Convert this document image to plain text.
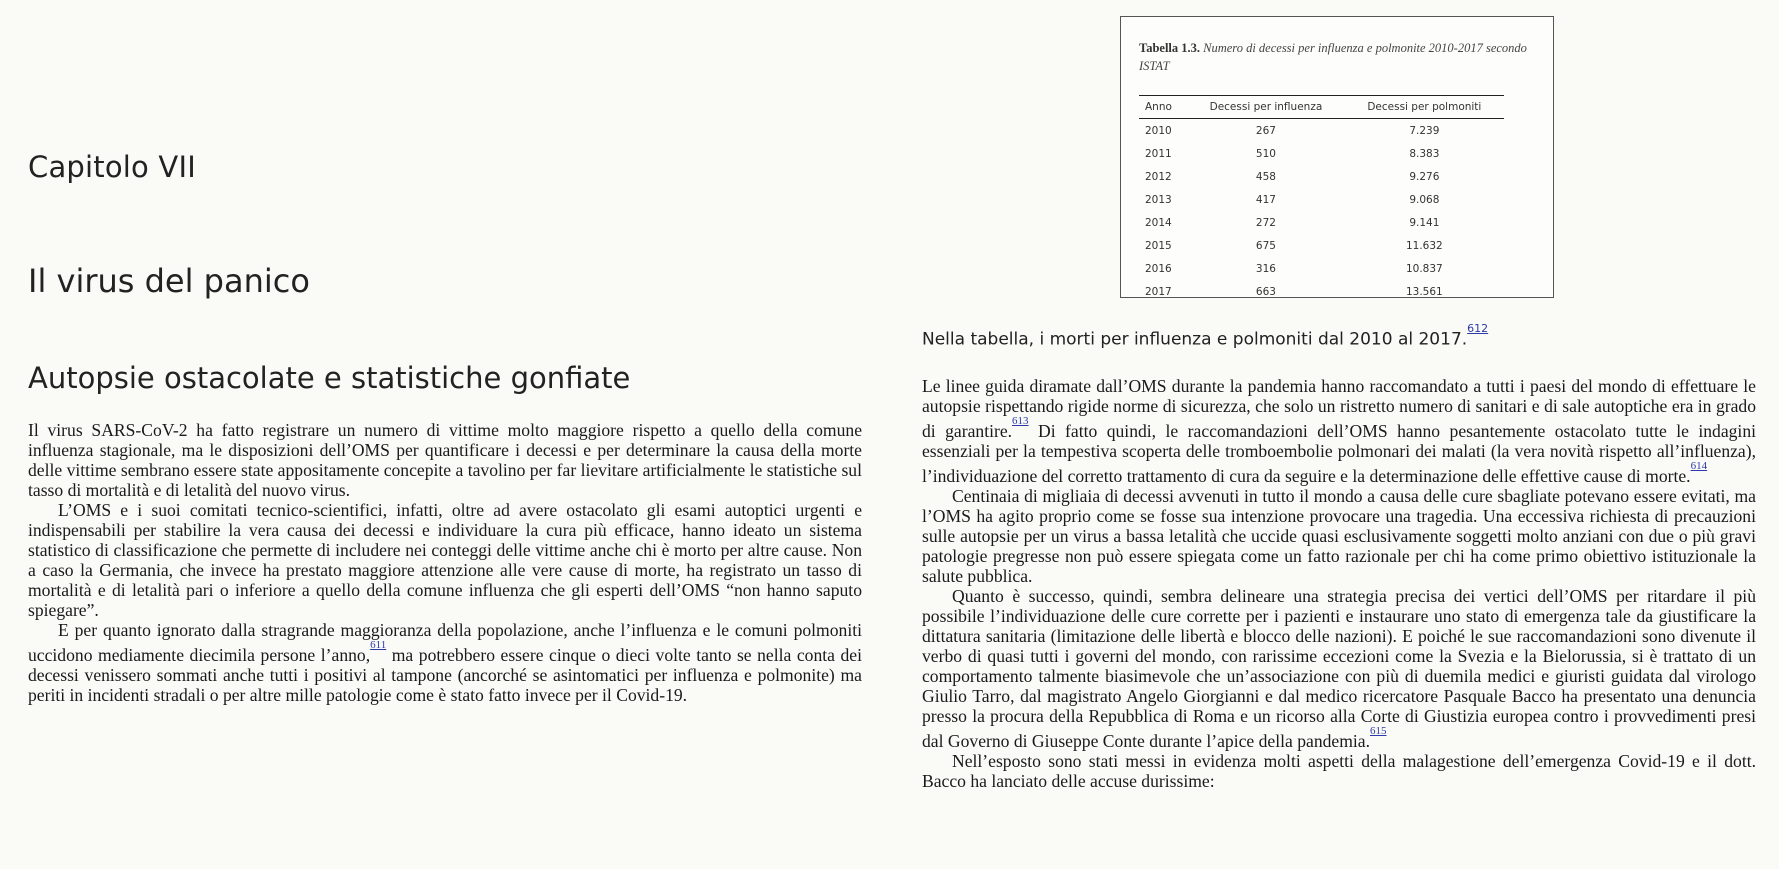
Capitolo VII
Il virus del panico
Autopsie ostacolate e statistiche gonfiate

Il virus SARS-CoV-2 ha fatto registrare un numero di vittime molto maggiore rispetto a quello della comune influenza stagionale, ma le disposizioni dell’OMS per quantificare i decessi e per determinare la causa della morte delle vittime sembrano essere state appositamente concepite a tavolino per far lievitare artificialmente le statistiche sul tasso di mortalità e di letalità del nuovo virus.

L’OMS e i suoi comitati tecnico-scientifici, infatti, oltre ad avere ostacolato gli esami autoptici urgenti e indispensabili per stabilire la vera causa dei decessi e individuare la cura più efficace, hanno ideato un sistema statistico di classificazione che permette di includere nei conteggi delle vittime anche chi è morto per altre cause. Non a caso la Germania, che invece ha prestato maggiore attenzione alle vere cause di morte, ha registrato un tasso di mortalità e di letalità pari o inferiore a quello della comune influenza che gli esperti dell’OMS “non hanno saputo spiegare”.

E per quanto ignorato dalla stragrande maggioranza della popolazione, anche l’influenza e le comuni polmoniti uccidono mediamente diecimila persone l’anno,$^{^{611}}$ ma potrebbero essere cinque o dieci volte tanto se nella conta dei decessi venissero sommati anche tutti i positivi al tampone (ancorché se asintomatici per influenza e polmonite) ma periti in incidenti stradali o per altre mille patologie come è stato fatto invece per il Covid-19.

Tabella 1.3. Numero di decessi per influenza e polmonite 2010-2017 secondo ISTAT
Anno	Decessi per influenza	Decessi per polmoniti
2010	267	7.239
2011	510	8.383
2012	458	9.276
2013	417	9.068
2014	272	9.141
2015	675	11.632
2016	316	10.837
2017	663	13.561
Nella tabella, i morti per influenza e polmoniti dal 2010 al 2017.$^{^{612}}$

Le linee guida diramate dall’OMS durante la pandemia hanno raccomandato a tutti i paesi del mondo di effettuare le autopsie rispettando rigide norme di sicurezza, che solo un ristretto numero di sanitari e di sale autoptiche era in grado di garantire.$^{^{613}}$ Di fatto quindi, le raccomandazioni dell’OMS hanno pesantemente ostacolato tutte le indagini essenziali per la tempestiva scoperta delle tromboembolie polmonari dei malati (la vera novità rispetto all’influenza), l’individuazione del corretto trattamento di cura da seguire e la determinazione delle effettive cause di morte.$^{^{614}}$

Centinaia di migliaia di decessi avvenuti in tutto il mondo a causa delle cure sbagliate potevano essere evitati, ma l’OMS ha agito proprio come se fosse sua intenzione provocare una tragedia. Una eccessiva richiesta di precauzioni sulle autopsie per un virus a bassa letalità che uccide quasi esclusivamente soggetti molto anziani con due o più gravi patologie pregresse non può essere spiegata come un fatto razionale per chi ha come primo obiettivo istituzionale la salute pubblica.

Quanto è successo, quindi, sembra delineare una strategia precisa dei vertici dell’OMS per ritardare il più possibile l’individuazione delle cure corrette per i pazienti e instaurare uno stato di emergenza tale da giustificare la dittatura sanitaria (limitazione delle libertà e blocco delle nazioni). E poiché le sue raccomandazioni sono divenute il verbo di quasi tutti i governi del mondo, con rarissime eccezioni come la Svezia e la Bielorussia, si è trattato di un comportamento talmente biasimevole che un’associazione con più di duemila medici e giuristi guidata dal virologo Giulio Tarro, dal magistrato Angelo Giorgianni e dal medico ricercatore Pasquale Bacco ha presentato una denuncia presso la procura della Repubblica di Roma e un ricorso alla Corte di Giustizia europea contro i provvedimenti presi dal Governo di Giuseppe Conte durante l’apice della pandemia.$^{^{615}}$

Nell’esposto sono stati messi in evidenza molti aspetti della malagestione dell’emergenza Covid-19 e il dott. Bacco ha lanciato delle accuse durissime:
